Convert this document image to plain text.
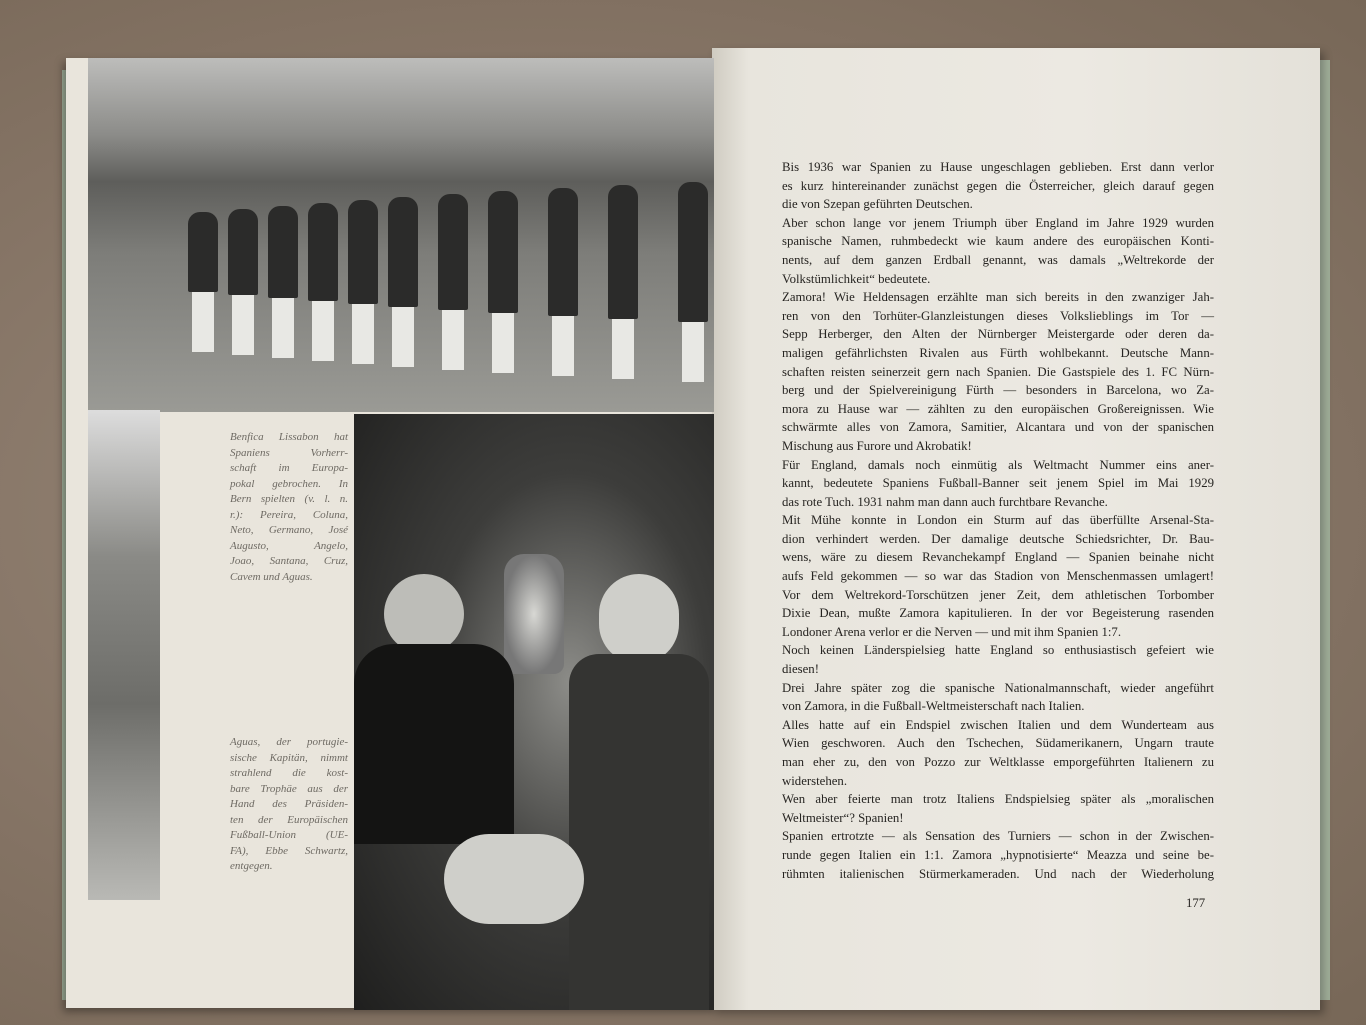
Benfica Lissabon hat
Spaniens Vorherr-
schaft im Europa-
pokal gebrochen. In
Bern spielten (v. l. n.
r.): Pereira, Coluna,
Neto, Germano, José
Augusto, Angelo,
Joao, Santana, Cruz,
Cavem und Aguas.
Aguas, der portugie-
sische Kapitän, nimmt
strahlend die kost-
bare Trophäe aus der
Hand des Präsiden-
ten der Europäischen
Fußball-Union (UE-
FA), Ebbe Schwartz,
entgegen.
Bis 1936 war Spanien zu Hause ungeschlagen geblieben. Erst dann verlor
es kurz hintereinander zunächst gegen die Österreicher, gleich darauf gegen
die von Szepan geführten Deutschen.
Aber schon lange vor jenem Triumph über England im Jahre 1929 wurden
spanische Namen, ruhmbedeckt wie kaum andere des europäischen Konti-
nents, auf dem ganzen Erdball genannt, was damals „Weltrekorde der
Volkstümlichkeit“ bedeutete.
Zamora! Wie Heldensagen erzählte man sich bereits in den zwanziger Jah-
ren von den Torhüter-Glanzleistungen dieses Volkslieblings im Tor —
Sepp Herberger, den Alten der Nürnberger Meistergarde oder deren da-
maligen gefährlichsten Rivalen aus Fürth wohlbekannt. Deutsche Mann-
schaften reisten seinerzeit gern nach Spanien. Die Gastspiele des 1. FC Nürn-
berg und der Spielvereinigung Fürth — besonders in Barcelona, wo Za-
mora zu Hause war — zählten zu den europäischen Großereignissen. Wie
schwärmte alles von Zamora, Samitier, Alcantara und von der spanischen
Mischung aus Furore und Akrobatik!
Für England, damals noch einmütig als Weltmacht Nummer eins aner-
kannt, bedeutete Spaniens Fußball-Banner seit jenem Spiel im Mai 1929
das rote Tuch. 1931 nahm man dann auch furchtbare Revanche.
Mit Mühe konnte in London ein Sturm auf das überfüllte Arsenal-Sta-
dion verhindert werden. Der damalige deutsche Schiedsrichter, Dr. Bau-
wens, wäre zu diesem Revanchekampf England — Spanien beinahe nicht
aufs Feld gekommen — so war das Stadion von Menschenmassen umlagert!
Vor dem Weltrekord-Torschützen jener Zeit, dem athletischen Torbomber
Dixie Dean, mußte Zamora kapitulieren. In der vor Begeisterung rasenden
Londoner Arena verlor er die Nerven — und mit ihm Spanien 1:7.
Noch keinen Länderspielsieg hatte England so enthusiastisch gefeiert wie
diesen!
Drei Jahre später zog die spanische Nationalmannschaft, wieder angeführt
von Zamora, in die Fußball-Weltmeisterschaft nach Italien.
Alles hatte auf ein Endspiel zwischen Italien und dem Wunderteam aus
Wien geschworen. Auch den Tschechen, Südamerikanern, Ungarn traute
man eher zu, den von Pozzo zur Weltklasse emporgeführten Italienern zu
widerstehen.
Wen aber feierte man trotz Italiens Endspielsieg später als „moralischen
Weltmeister“? Spanien!
Spanien ertrotzte — als Sensation des Turniers — schon in der Zwischen-
runde gegen Italien ein 1:1. Zamora „hypnotisierte“ Meazza und seine be-
rühmten italienischen Stürmerkameraden. Und nach der Wiederholung
177
